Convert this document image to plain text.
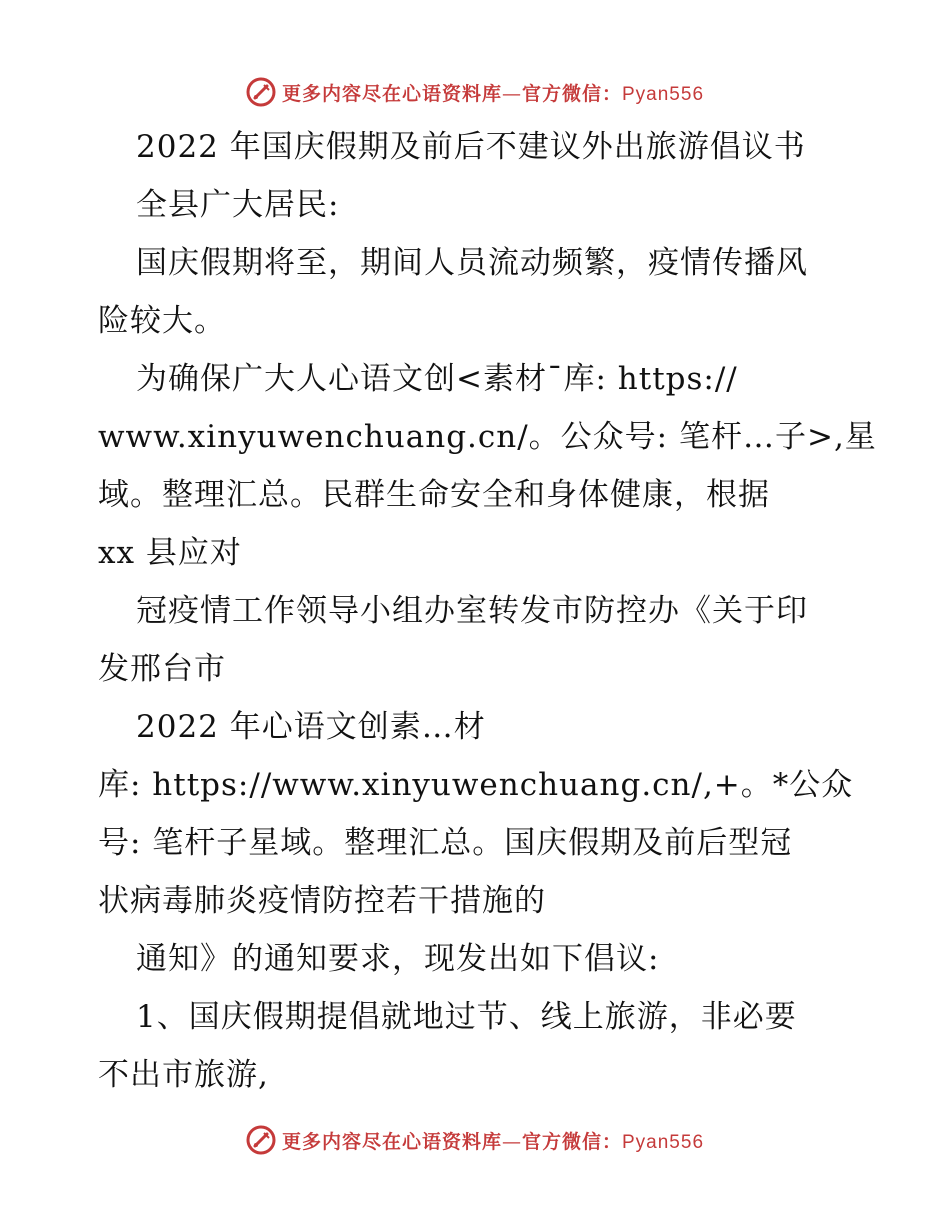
更多内容尽在心语资料库—官方微信：Pyan556
2022 年国庆假期及前后不建议外出旅游倡议书
全县广大居民:
国庆假期将至，期间人员流动频繁，疫情传播风
险较大。
为确保广大人心语文创<素材¯库: https://
www.xinyuwenchuang.cn/。公众号: 笔杆…子>,星
域。整理汇总。民群生命安全和身体健康，根据
xx 县应对
冠疫情工作领导小组办室转发市防控办《关于印
发邢台市
2022 年心语文创素…材
库: https://www.xinyuwenchuang.cn/,+。*公众
号: 笔杆子星域。整理汇总。国庆假期及前后型冠
状病毒肺炎疫情防控若干措施的
通知》的通知要求，现发出如下倡议:
1、国庆假期提倡就地过节、线上旅游，非必要
不出市旅游,
更多内容尽在心语资料库—官方微信：Pyan556
